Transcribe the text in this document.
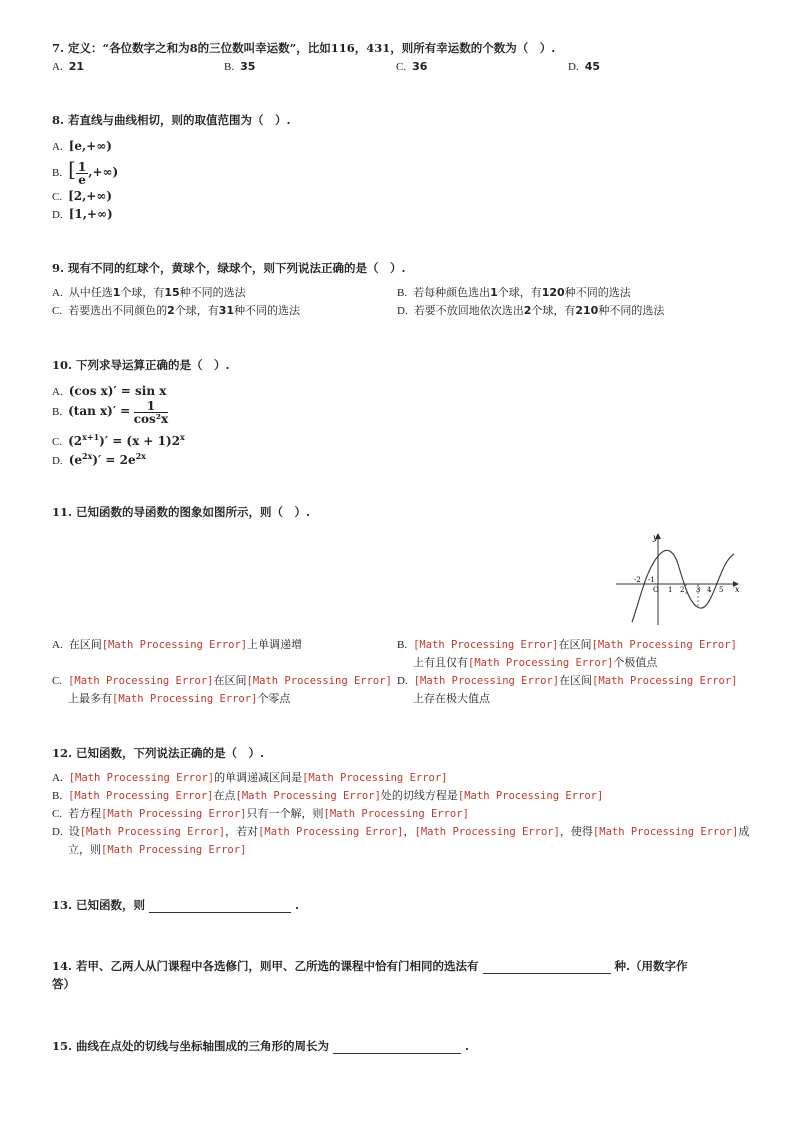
7. 定义：“各位数字之和为8的三位数叫幸运数”，比如116，431，则所有幸运数的个数为（　）.
A. 21	B. 35	C. 36	D. 45
8. 若直线与曲线相切，则的取值范围为（　）.
A. [e,+∞)
B. [ $\frac{1}{e}$ ,+∞)
C. [2,+∞)
D. [1,+∞)
9. 现有不同的红球个，黄球个，绿球个，则下列说法正确的是（　）.
A. 从中任选1个球，有15种不同的选法	B. 若每种颜色选出1个球，有120种不同的选法
C. 若要选出不同颜色的2个球，有31种不同的选法	D. 若要不放回地依次选出2个球，有210种不同的选法
10. 下列求导运算正确的是（　）.
A. (cos x)′ = sin x
B. (tan $x)' = \frac{1}{\text{cos²x}}$
C. $(2^{x+1})' = (x + 1)2^x$
D. $(e^{2x})' = 2e^{2x}$
11. 已知函数的导函数的图象如图所示，则（　）.
y
x
O
-2 -1
1 2 3 4 5
A. 在区间[Math Processing Error]上单调递增	B. [Math Processing Error]在区间[Math Processing Error]
上有且仅有[Math Processing Error]个极值点
C. [Math Processing Error]在区间[Math Processing Error]
上最多有[Math Processing Error]个零点
D. [Math Processing Error]在区间[Math Processing Error]
上存在极大值点
12. 已知函数，下列说法正确的是（　）.
A. [Math Processing Error]的单调递减区间是[Math Processing Error]
B. [Math Processing Error]在点[Math Processing Error]处的切线方程是[Math Processing Error]
C. 若方程[Math Processing Error]只有一个解，则[Math Processing Error]
D. 设[Math Processing Error]，若对[Math Processing Error]，[Math Processing Error]，使得[Math Processing Error]成
立，则[Math Processing Error]
13. 已知函数，则	.
14. 若甲、乙两人从门课程中各选修门，则甲、乙所选的课程中恰有门相同的选法有	种.（用数字作
答）
15. 曲线在点处的切线与坐标轴围成的三角形的周长为	.
